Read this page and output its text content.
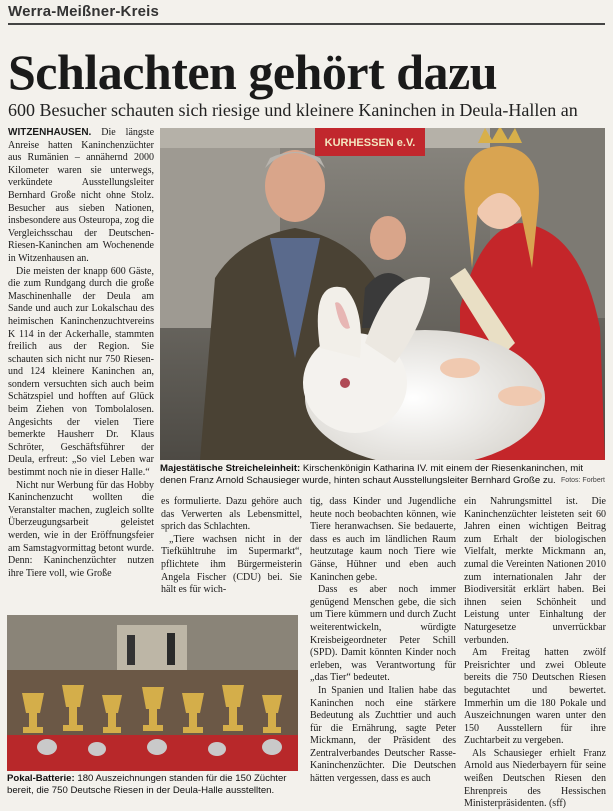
Werra-Meißner-Kreis
Schlachten gehört dazu
600 Besucher schauten sich riesige und kleinere Kaninchen in Deula-Hallen an

WITZENHAUSEN. Die längste Anreise hatten Kaninchenzüchter aus Rumänien – annähernd 2000 Kilometer waren sie unterwegs, verkündete Ausstellungsleiter Bernhard Große nicht ohne Stolz. Besucher aus sieben Nationen, insbesondere aus Osteuropa, zog die Vergleichsschau der Deutschen-Riesen-Kaninchen am Wochenende in Witzenhausen an.

Die meisten der knapp 600 Gäste, die zum Rundgang durch die große Maschinenhalle der Deula am Sande und auch zur Lokalschau des heimischen Kaninchenzuchtvereins K 114 in der Ackerhalle, stammten freilich aus der Region. Sie schauten sich nicht nur 750 Riesen- und 124 kleinere Kaninchen an, sondern versuchten sich auch beim Schätzspiel und hofften auf Glück beim Ziehen von Tombolalosen. Angesichts der vielen Tiere bemerkte Hausherr Dr. Klaus Schröter, Geschäftsführer der Deula, erfreut: „So viel Leben war bestimmt noch nie in dieser Halle.“

Nicht nur Werbung für das Hobby Kaninchenzucht wollten die Veranstalter machen, zugleich sollte Überzeugungsarbeit geleistet werden, wie in der Eröffnungsfeier am Samstagvormittag betont wurde. Denn: Kaninchenzüchter nutzen ihre Tiere voll, wie Große

KURHESSEN e.V.
Majestätische Streicheleinheit: Kirschenkönigin Katharina IV. mit einem der Riesenkaninchen, mit denen Franz Arnold Schausieger wurde, hinten schaut Ausstellungsleiter Bernhard Große zu. Fotos: Forbert

es formulierte. Dazu gehöre auch das Verwerten als Lebensmittel, sprich das Schlachten.

„Tiere wachsen nicht in der Tiefkühltruhe im Supermarkt“, pflichtete ihm Bürgermeisterin Angela Fischer (CDU) bei. Sie hält es für wich-

tig, dass Kinder und Jugendliche heute noch beobachten können, wie Tiere heranwachsen. Sie bedauerte, dass es auch im ländlichen Raum heutzutage kaum noch Tiere wie Gänse, Hühner und eben auch Kaninchen gebe.

Dass es aber noch immer genügend Menschen gebe, die sich um Tiere kümmern und durch Zucht weiterentwickeln, würdigte Kreisbeigeordneter Peter Schill (SPD). Damit könnten Kinder noch erleben, was Verantwortung für „das Tier“ bedeutet.

In Spanien und Italien habe das Kaninchen noch eine stärkere Bedeutung als Zuchttier und auch für die Ernährung, sagte Peter Mickmann, der Präsident des Zentralverbandes Deutscher Rasse-Kaninchenzüchter. Die Deutschen hätten vergessen, dass es auch

ein Nahrungsmittel ist. Die Kaninchenzüchter leisteten seit 60 Jahren einen wichtigen Beitrag zum Erhalt der biologischen Vielfalt, merkte Mickmann an, zumal die Vereinten Nationen 2010 zum internationalen Jahr der Biodiversität erklärt haben. Bei ihnen seien Schönheit und Leistung unter Einhaltung der Naturgesetze unverrückbar verbunden.

Am Freitag hatten zwölf Preisrichter und zwei Obleute bereits die 750 Deutschen Riesen begutachtet und bewertet. Immerhin um die 180 Pokale und Auszeichnungen waren unter den 150 Ausstellern für ihre Zuchtarbeit zu vergeben.

Als Schausieger erhielt Franz Arnold aus Niederbayern für seine weißen Deutschen Riesen den Ehrenpreis des Hessischen Ministerpräsidenten. (sff)

Pokal-Batterie: 180 Auszeichnungen standen für die 150 Züchter bereit, die 750 Deutsche Riesen in der Deula-Halle ausstellten.
